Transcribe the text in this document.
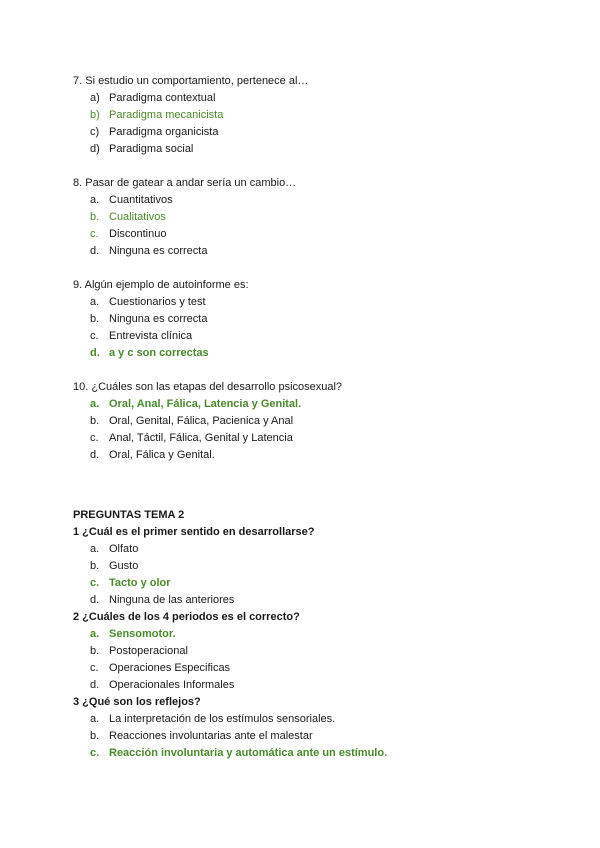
7. Si estudio un comportamiento, pertenece al…
a) Paradigma contextual
b) Paradigma mecanicista
c) Paradigma organicista
d) Paradigma social
8. Pasar de gatear a andar sería un cambio…
a. Cuantitativos
b. Cualitativos
c. Discontinuo
d. Ninguna es correcta
9. Algún ejemplo de autoinforme es:
a. Cuestionarios y test
b. Ninguna es correcta
c. Entrevista clínica
d. a y c son correctas
10. ¿Cuáles son las etapas del desarrollo psicosexual?
a. Oral, Anal, Fálica, Latencia y Genital.
b. Oral, Genital, Fálica, Pacienica y Anal
c. Anal, Táctil, Fálica, Genital y Latencia
d. Oral, Fálica y Genital.
PREGUNTAS TEMA 2
1 ¿Cuál es el primer sentido en desarrollarse?
a. Olfato
b. Gusto
c. Tacto y olor
d. Ninguna de las anteriores
2 ¿Cuáles de los 4 periodos es el correcto?
a. Sensomotor.
b. Postoperacional
c. Operaciones Especificas
d. Operacionales Informales
3 ¿Qué son los reflejos?
a. La interpretación de los estímulos sensoriales.
b. Reacciones involuntarias ante el malestar
c. Reacción involuntaria y automática ante un estímulo.
